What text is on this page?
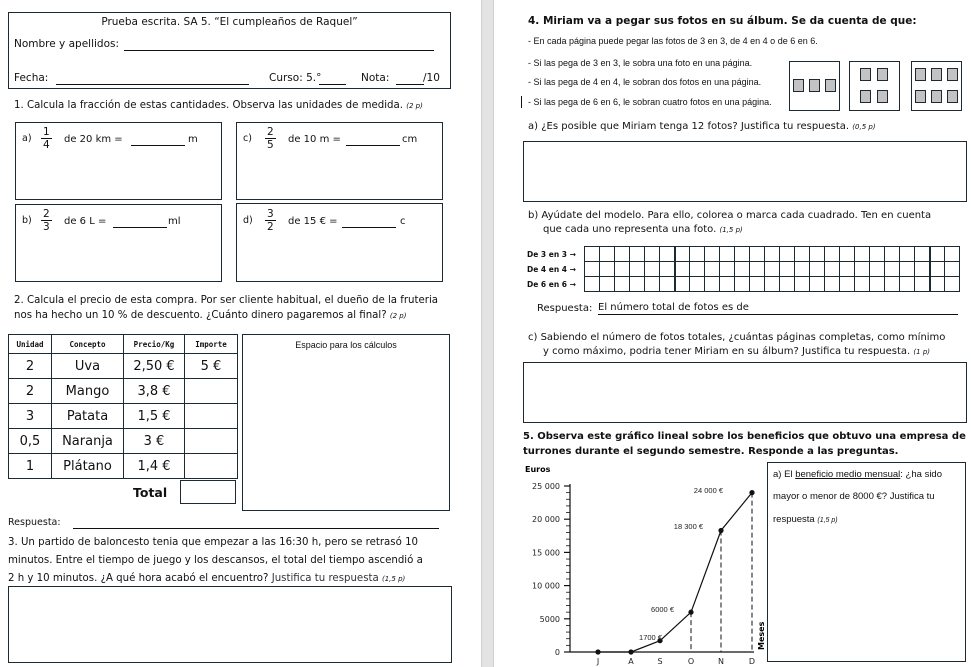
Prueba escrita. SA 5. “El cumpleaños de Raquel”
Nombre y apellidos:
Fecha:	Curso: 5.°	Nota:	/10
1. Calcula la fracción de estas cantidades. Observa las unidades de medida. (2 p)
$a) \frac{1}{4}$ de 20 km =	m	$c) \frac{2}{5}$ de 10 m =	cm
$b) \frac{2}{3}$ de 6 L =	ml	$d) \frac{3}{2}$ de 15 € =	c
2. Calcula el precio de esta compra. Por ser cliente habitual, el dueño de la fruteria
nos ha hecho un 10 % de descuento. ¿Cuánto dinero pagaremos al final? (2 p)
Unidad	Concepto	Precio/Kg	Importe
2	Uva	2,50 €	5 €
2	Mango	3,8 €	
3	Patata	1,5 €	
0,5	Naranja	3 €	
1	Plátano	1,4 €	
Total
Espacio para los cálculos
Respuesta:
3. Un partido de baloncesto tenia que empezar a las 16:30 h, pero se retrasó 10
minutos. Entre el tiempo de juego y los descansos, el total del tiempo ascendió a
2 h y 10 minutos. ¿A qué hora acabó el encuentro? Justifica tu respuesta (1,5 p)
4. Miriam va a pegar sus fotos en su álbum. Se da cuenta de que:
- En cada página puede pegar las fotos de 3 en 3, de 4 en 4 o de 6 en 6.
- Si las pega de 3 en 3, le sobra una foto en una página.
- Si las pega de 4 en 4, le sobran dos fotos en una página.
- Si las pega de 6 en 6, le sobran cuatro fotos en una página.
a) ¿Es posible que Miriam tenga 12 fotos? Justifica tu respuesta. (0,5 p)
b) Ayúdate del modelo. Para ello, colorea o marca cada cuadrado. Ten en cuenta
que cada uno representa una foto. (1,5 p)
De 3 en 3 →
De 4 en 4 →
De 6 en 6 →

Respuesta: El número total de fotos es de
c) Sabiendo el número de fotos totales, ¿cuántas páginas completas, como mínimo
y como máximo, podria tener Miriam en su álbum? Justifica tu respuesta. (1 p)
5. Observa este gráfico lineal sobre los beneficios que obtuvo una empresa de
turrones durante el segundo semestre. Responde a las preguntas.
Euros
0
5000
10 000
15 000
20 000
25 000
J	A	S	O	N	D
1700 €
6000 €
18 300 €
24 000 €
Meses
a) El beneficio medio mensual: ¿ha sido
mayor o menor de 8000 €? Justifica tu
respuesta (1,5 p)
